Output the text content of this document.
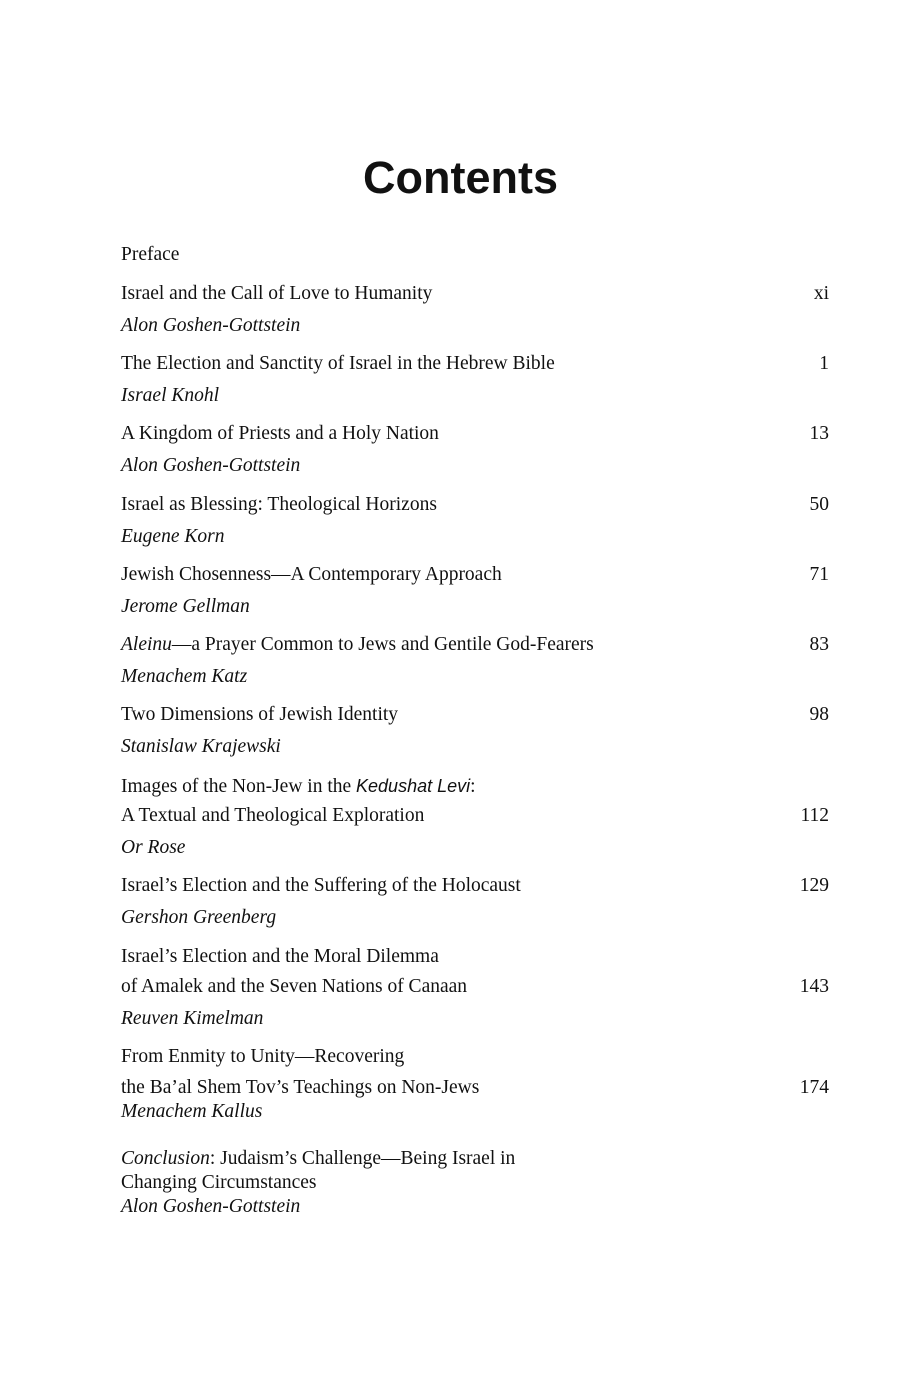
Contents
Preface
Israel and the Call of Love to Humanity	xi
Alon Goshen-Gottstein
The Election and Sanctity of Israel in the Hebrew Bible	1
Israel Knohl
A Kingdom of Priests and a Holy Nation	13
Alon Goshen-Gottstein
Israel as Blessing: Theological Horizons	50
Eugene Korn
Jewish Chosenness—A Contemporary Approach	71
Jerome Gellman
Aleinu—a Prayer Common to Jews and Gentile God-Fearers	83
Menachem Katz
Two Dimensions of Jewish Identity	98
Stanislaw Krajewski
Images of the Non-Jew in the Kedushat Levi:
A Textual and Theological Exploration	112
Or Rose
Israel’s Election and the Suffering of the Holocaust	129
Gershon Greenberg
Israel’s Election and the Moral Dilemma
of Amalek and the Seven Nations of Canaan	143
Reuven Kimelman
From Enmity to Unity—Recovering
the Ba’al Shem Tov’s Teachings on Non-Jews	174
Menachem Kallus
Conclusion: Judaism’s Challenge—Being Israel in
Changing Circumstances
Alon Goshen-Gottstein
